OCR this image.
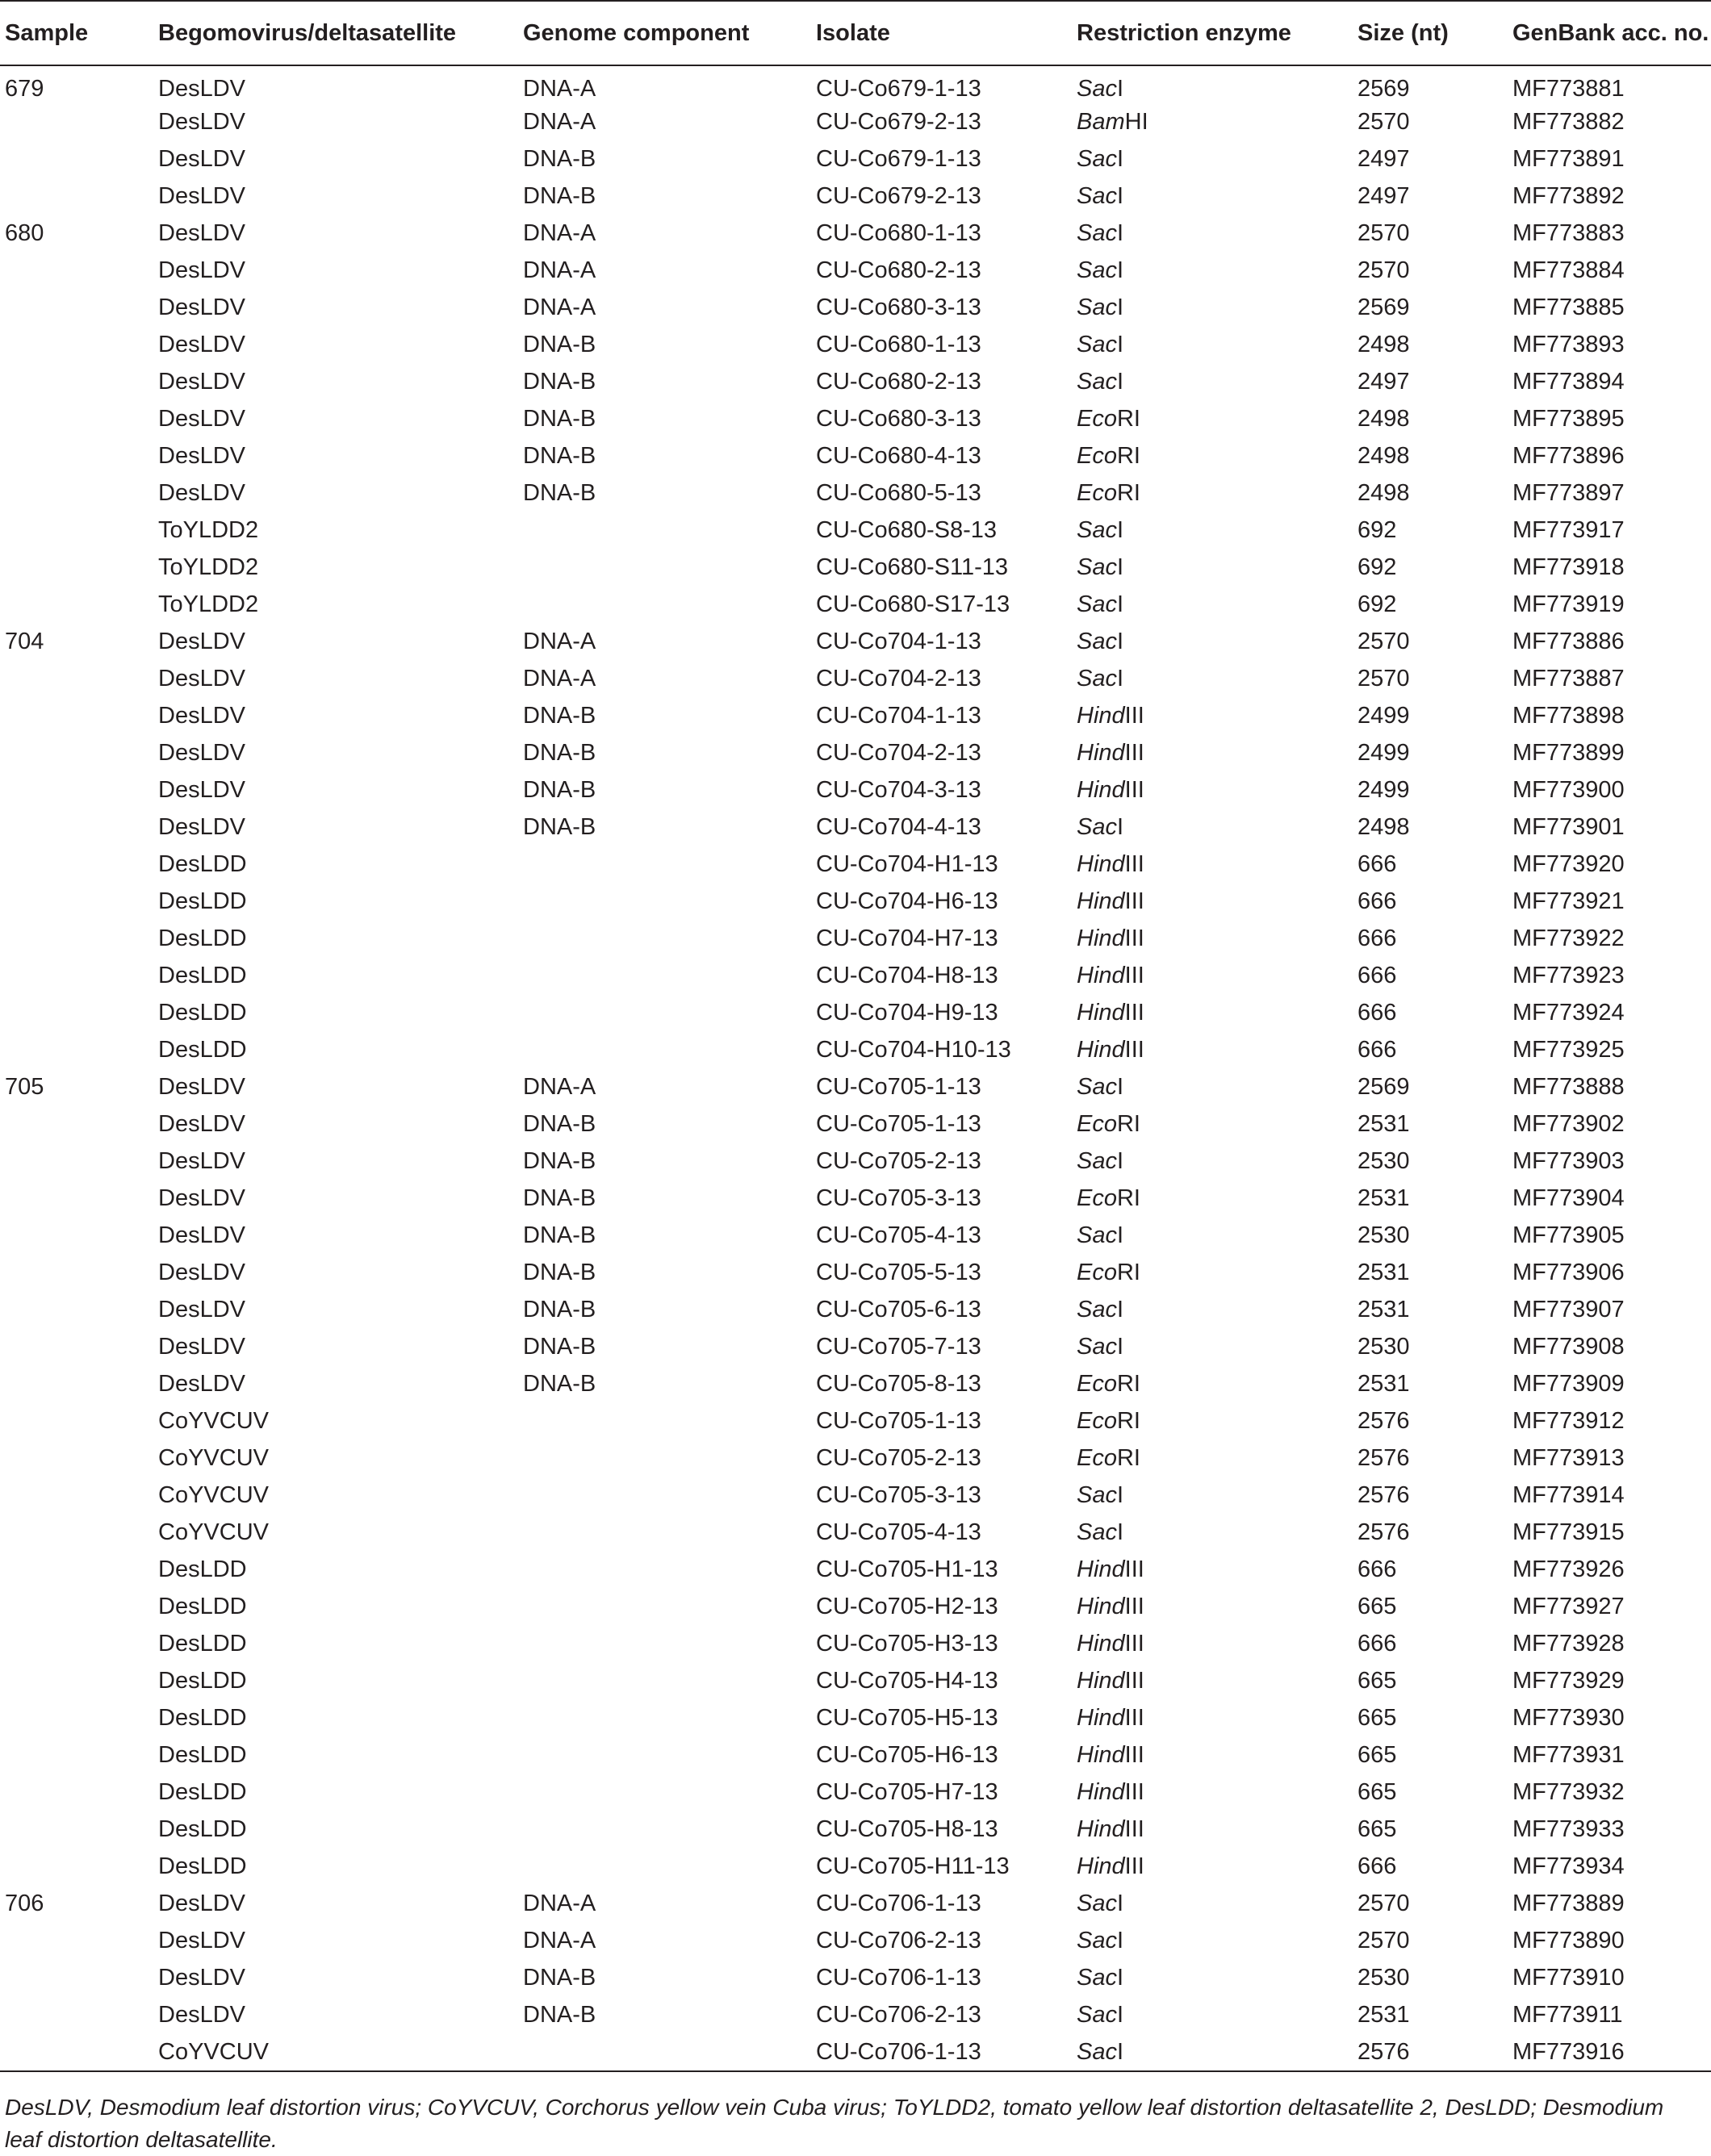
Sample	Begomovirus/deltasatellite	Genome component	Isolate	Restriction enzyme	Size (nt)	GenBank acc. no.
679	DesLDV	DNA-A	CU-Co679-1-13	SacI	2569	MF773881
	DesLDV	DNA-A	CU-Co679-2-13	BamHI	2570	MF773882
	DesLDV	DNA-B	CU-Co679-1-13	SacI	2497	MF773891
	DesLDV	DNA-B	CU-Co679-2-13	SacI	2497	MF773892
680	DesLDV	DNA-A	CU-Co680-1-13	SacI	2570	MF773883
	DesLDV	DNA-A	CU-Co680-2-13	SacI	2570	MF773884
	DesLDV	DNA-A	CU-Co680-3-13	SacI	2569	MF773885
	DesLDV	DNA-B	CU-Co680-1-13	SacI	2498	MF773893
	DesLDV	DNA-B	CU-Co680-2-13	SacI	2497	MF773894
	DesLDV	DNA-B	CU-Co680-3-13	EcoRI	2498	MF773895
	DesLDV	DNA-B	CU-Co680-4-13	EcoRI	2498	MF773896
	DesLDV	DNA-B	CU-Co680-5-13	EcoRI	2498	MF773897
	ToYLDD2		CU-Co680-S8-13	SacI	692	MF773917
	ToYLDD2		CU-Co680-S11-13	SacI	692	MF773918
	ToYLDD2		CU-Co680-S17-13	SacI	692	MF773919
704	DesLDV	DNA-A	CU-Co704-1-13	SacI	2570	MF773886
	DesLDV	DNA-A	CU-Co704-2-13	SacI	2570	MF773887
	DesLDV	DNA-B	CU-Co704-1-13	HindIII	2499	MF773898
	DesLDV	DNA-B	CU-Co704-2-13	HindIII	2499	MF773899
	DesLDV	DNA-B	CU-Co704-3-13	HindIII	2499	MF773900
	DesLDV	DNA-B	CU-Co704-4-13	SacI	2498	MF773901
	DesLDD		CU-Co704-H1-13	HindIII	666	MF773920
	DesLDD		CU-Co704-H6-13	HindIII	666	MF773921
	DesLDD		CU-Co704-H7-13	HindIII	666	MF773922
	DesLDD		CU-Co704-H8-13	HindIII	666	MF773923
	DesLDD		CU-Co704-H9-13	HindIII	666	MF773924
	DesLDD		CU-Co704-H10-13	HindIII	666	MF773925
705	DesLDV	DNA-A	CU-Co705-1-13	SacI	2569	MF773888
	DesLDV	DNA-B	CU-Co705-1-13	EcoRI	2531	MF773902
	DesLDV	DNA-B	CU-Co705-2-13	SacI	2530	MF773903
	DesLDV	DNA-B	CU-Co705-3-13	EcoRI	2531	MF773904
	DesLDV	DNA-B	CU-Co705-4-13	SacI	2530	MF773905
	DesLDV	DNA-B	CU-Co705-5-13	EcoRI	2531	MF773906
	DesLDV	DNA-B	CU-Co705-6-13	SacI	2531	MF773907
	DesLDV	DNA-B	CU-Co705-7-13	SacI	2530	MF773908
	DesLDV	DNA-B	CU-Co705-8-13	EcoRI	2531	MF773909
	CoYVCUV		CU-Co705-1-13	EcoRI	2576	MF773912
	CoYVCUV		CU-Co705-2-13	EcoRI	2576	MF773913
	CoYVCUV		CU-Co705-3-13	SacI	2576	MF773914
	CoYVCUV		CU-Co705-4-13	SacI	2576	MF773915
	DesLDD		CU-Co705-H1-13	HindIII	666	MF773926
	DesLDD		CU-Co705-H2-13	HindIII	665	MF773927
	DesLDD		CU-Co705-H3-13	HindIII	666	MF773928
	DesLDD		CU-Co705-H4-13	HindIII	665	MF773929
	DesLDD		CU-Co705-H5-13	HindIII	665	MF773930
	DesLDD		CU-Co705-H6-13	HindIII	665	MF773931
	DesLDD		CU-Co705-H7-13	HindIII	665	MF773932
	DesLDD		CU-Co705-H8-13	HindIII	665	MF773933
	DesLDD		CU-Co705-H11-13	HindIII	666	MF773934
706	DesLDV	DNA-A	CU-Co706-1-13	SacI	2570	MF773889
	DesLDV	DNA-A	CU-Co706-2-13	SacI	2570	MF773890
	DesLDV	DNA-B	CU-Co706-1-13	SacI	2530	MF773910
	DesLDV	DNA-B	CU-Co706-2-13	SacI	2531	MF773911
	CoYVCUV		CU-Co706-1-13	SacI	2576	MF773916
DesLDV, Desmodium leaf distortion virus; CoYVCUV, Corchorus yellow vein Cuba virus; ToYLDD2, tomato yellow leaf distortion deltasatellite 2, DesLDD; Desmodium leaf distortion deltasatellite.
